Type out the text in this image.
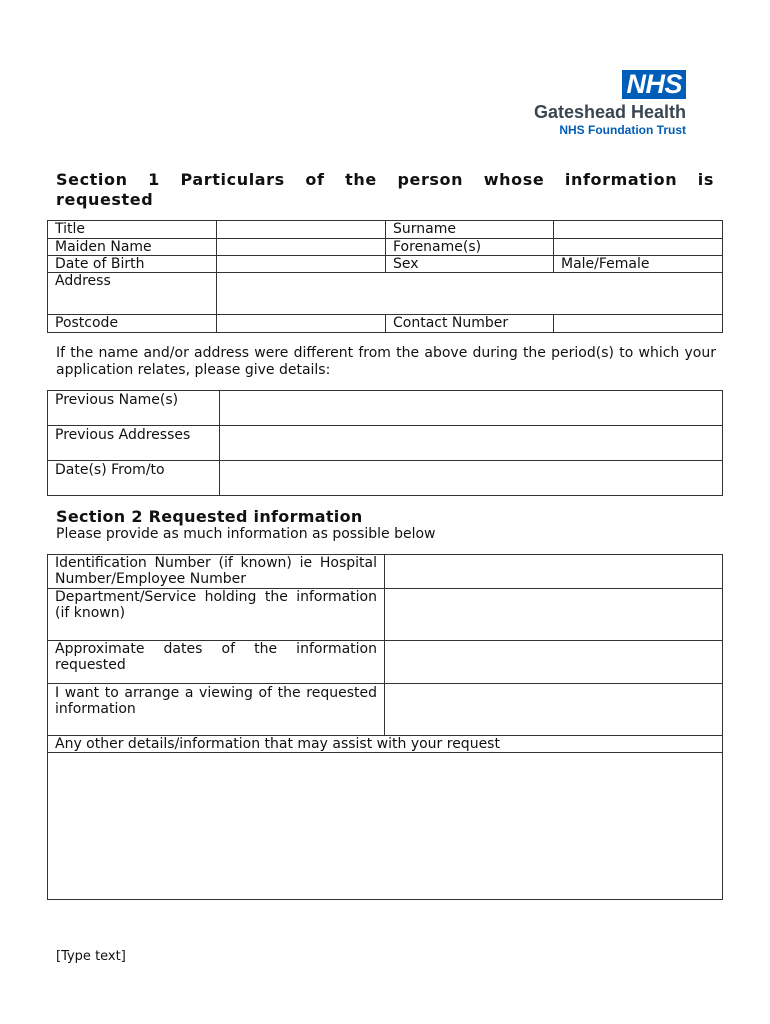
NHS
Gateshead Health
NHS Foundation Trust
Section 1 Particulars of the person whose information is requested
Title		Surname	
Maiden Name		Forename(s)	
Date of Birth		Sex	Male/Female
Address			
Postcode		Contact Number	
If the name and/or address were different from the above during the period(s) to which your application relates, please give details:
Previous Name(s)	
Previous Addresses	
Date(s) From/to	
Section 2 Requested information
Please provide as much information as possible below
Identification Number (if known) ie Hospital Number/Employee Number	
Department/Service holding the information (if known)	
Approximate dates of the information requested	
I want to arrange a viewing of the requested information	
Any other details/information that may assist with your request	

[Type text]
